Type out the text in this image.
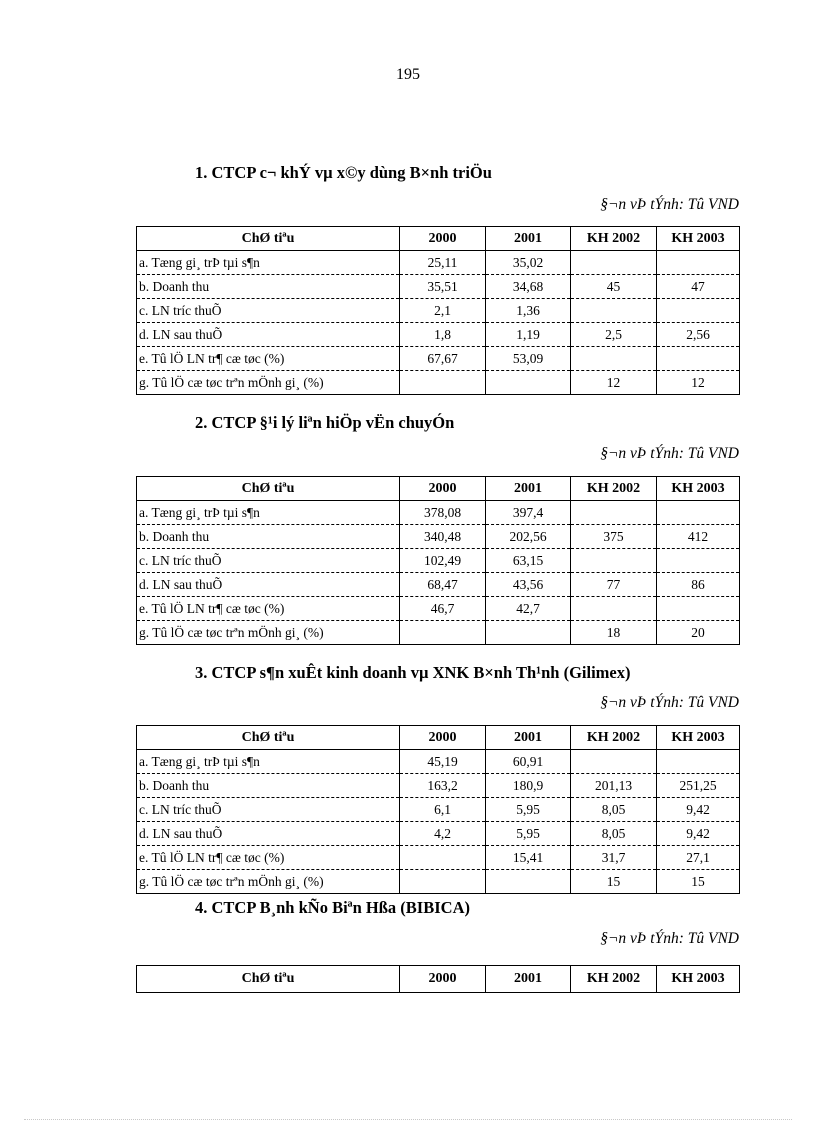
195
1. CTCP c¬ khÝ vµ x©y dùng B×nh triÖu
§¬n vÞ tÝnh: Tû VND
ChØ tiªu	2000	2001	KH 2002	KH 2003
a. Tæng gi¸ trÞ tµi s¶n	25,11	35,02		
b. Doanh thu	35,51	34,68	45	47
c. LN tríc thuÕ	2,1	1,36		
d. LN sau thuÕ	1,8	1,19	2,5	2,56
e. Tû lÖ LN tr¶ cæ tøc (%)	67,67	53,09		
g. Tû lÖ cæ tøc trªn mÖnh gi¸ (%)			12	12
2. CTCP §¹i lý liªn hiÖp vËn chuyÓn
§¬n vÞ tÝnh: Tû VND
ChØ tiªu	2000	2001	KH 2002	KH 2003
a. Tæng gi¸ trÞ tµi s¶n	378,08	397,4		
b. Doanh thu	340,48	202,56	375	412
c. LN tríc thuÕ	102,49	63,15		
d. LN sau thuÕ	68,47	43,56	77	86
e. Tû lÖ LN tr¶ cæ tøc (%)	46,7	42,7		
g. Tû lÖ cæ tøc trªn mÖnh gi¸ (%)			18	20
3. CTCP s¶n xuÊt kinh doanh vµ XNK B×nh Th¹nh (Gilimex)
§¬n vÞ tÝnh: Tû VND
ChØ tiªu	2000	2001	KH 2002	KH 2003
a. Tæng gi¸ trÞ tµi s¶n	45,19	60,91		
b. Doanh thu	163,2	180,9	201,13	251,25
c. LN tríc thuÕ	6,1	5,95	8,05	9,42
d. LN sau thuÕ	4,2	5,95	8,05	9,42
e. Tû lÖ LN tr¶ cæ tøc (%)		15,41	31,7	27,1
g. Tû lÖ cæ tøc trªn mÖnh gi¸ (%)			15	15
4. CTCP B¸nh kÑo Biªn Hßa (BIBICA)
§¬n vÞ tÝnh: Tû VND
ChØ tiªu	2000	2001	KH 2002	KH 2003
